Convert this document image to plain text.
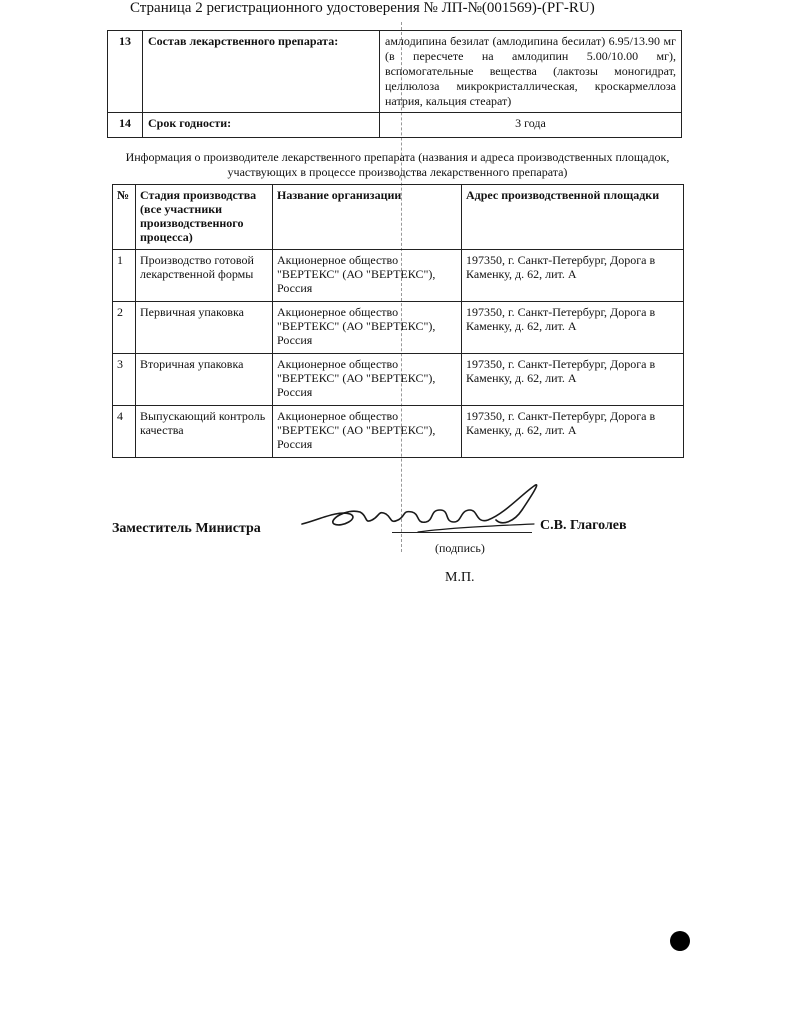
Страница 2 регистрационного удостоверения № ЛП-№(001569)-(РГ-RU)
13	Состав лекарственного препарата:	амлодипина безилат (амлодипина бесилат) 6.95/13.90 мг (в пересчете на амлодипин 5.00/10.00 мг), вспомогательные вещества (лактозы моногидрат, целлюлоза микрокристаллическая, кроскармеллоза натрия, кальция стеарат)
14	Срок годности:	3 года
Информация о производителе лекарственного препарата (названия и адреса производственных площадок, участвующих в процессе производства лекарственного препарата)
№	Стадия производства (все участники производственного процесса)	Название организации	Адрес производственной площадки
1	Производство готовой лекарственной формы	Акционерное общество "ВЕРТЕКС" (АО "ВЕРТЕКС"), Россия	197350, г. Санкт-Петербург, Дорога в Каменку, д. 62, лит. А
2	Первичная упаковка	Акционерное общество "ВЕРТЕКС" (АО "ВЕРТЕКС"), Россия	197350, г. Санкт-Петербург, Дорога в Каменку, д. 62, лит. А
3	Вторичная упаковка	Акционерное общество "ВЕРТЕКС" (АО "ВЕРТЕКС"), Россия	197350, г. Санкт-Петербург, Дорога в Каменку, д. 62, лит. А
4	Выпускающий контроль качества	Акционерное общество "ВЕРТЕКС" (АО "ВЕРТЕКС"), Россия	197350, г. Санкт-Петербург, Дорога в Каменку, д. 62, лит. А
Заместитель Министра	С.В. Глаголев
(подпись)
М.П.
